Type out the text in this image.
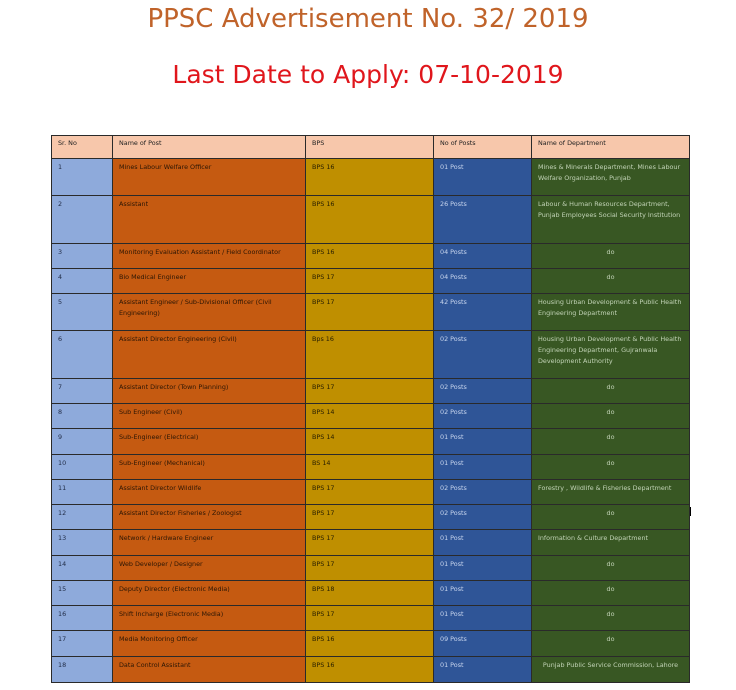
PPSC Advertisement No. 32/ 2019
Last Date to Apply: 07-10-2019
Sr. No	Name of Post	BPS	No of Posts	Name of Department
1	Mines Labour Welfare Officer	BPS 16	01 Post	Mines & Minerals Department, Mines Labour Welfare Organization, Punjab
2	Assistant	BPS 16	26 Posts	Labour & Human Resources Department, Punjab Employees Social Security Institution
3	Monitoring Evaluation Assistant / Field Coordinator	BPS 16	04 Posts	do
4	Bio Medical Engineer	BPS 17	04 Posts	do
5	Assistant Engineer / Sub-Divisional Officer (Civil Engineering)	BPS 17	42 Posts	Housing Urban Development & Public Health Engineering Department
6	Assistant Director Engineering (Civil)	Bps 16	02 Posts	Housing Urban Development & Public Health Engineering Department, Gujranwala Development Authority
7	Assistant Director (Town Planning)	BPS 17	02 Posts	do
8	Sub Engineer (Civil)	BPS 14	02 Posts	do
9	Sub-Engineer (Electrical)	BPS 14	01 Post	do
10	Sub-Engineer (Mechanical)	BS 14	01 Post	do
11	Assistant Director Wildlife	BPS 17	02 Posts	Forestry , Wildlife & Fisheries Department
12	Assistant Director Fisheries / Zoologist	BPS 17	02 Posts	do
13	Network / Hardware Engineer	BPS 17	01 Post	Information & Culture Department
14	Web Developer / Designer	BPS 17	01 Post	do
15	Deputy Director (Electronic Media)	BPS 18	01 Post	do
16	Shift Incharge (Electronic Media)	BPS 17	01 Post	do
17	Media Monitoring Officer	BPS 16	09 Posts	do
18	Data Control Assistant	BPS 16	01 Post	Punjab Public Service Commission, Lahore
